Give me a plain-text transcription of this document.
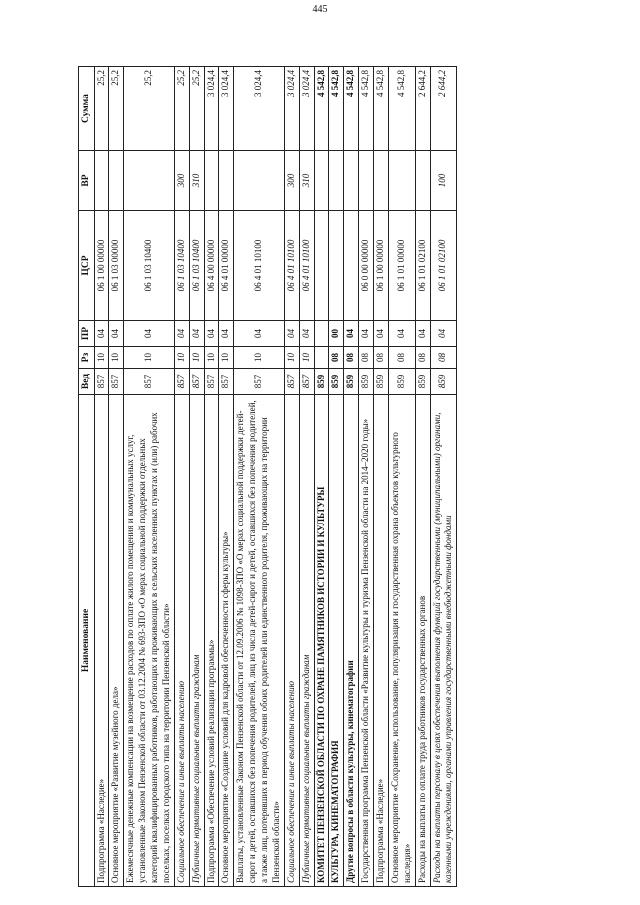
445
Наименование	Вед	Рз	ПР	ЦСР	ВР	Сумма
Подпрограмма «Наследие»	857	10	04	06 1 00 00000		25,2
Основное мероприятие «Развитие музейного дела»	857	10	04	06 1 03 00000		25,2
Ежемесячные денежные компенсации на возмещение расходов по оплате жилого помещения и коммунальных услуг, установленные Законом Пензенской области от 03.12.2004 № 693-ЗПО «О мерах социальной поддержки отдельных категорий квалифицированных работников, работающих и проживающих в сельских населенных пунктах и (или) рабочих поселках, поселках городского типа на территории Пензенской области»	857	10	04	06 1 03 10400		25,2
Социальное обеспечение и иные выплаты населению	857	10	04	06 1 03 10400	300	25,2
Публичные нормативные социальные выплаты гражданам	857	10	04	06 1 03 10400	310	25,2
Подпрограмма «Обеспечение условий реализации программы»	857	10	04	06 4 00 00000		3 024,4
Основное мероприятие «Создание условий для кадровой обеспеченности сферы культуры»	857	10	04	06 4 01 00000		3 024,4
Выплаты, установленные Законом Пензенской области от 12.09.2006 № 1098-ЗПО «О мерах социальной поддержки детей-сирот и детей, оставшихся без попечения родителей, лиц из числа детей-сирот и детей, оставшихся без попечения родителей, а также лиц, потерявших в период обучения обоих родителей или единственного родителя, проживающих на территории Пензенской области»	857	10	04	06 4 01 10100		3 024,4
Социальное обеспечение и иные выплаты населению	857	10	04	06 4 01 10100	300	3 024,4
Публичные нормативные социальные выплаты гражданам	857	10	04	06 4 01 10100	310	3 024,4
КОМИТЕТ ПЕНЗЕНСКОЙ ОБЛАСТИ ПО ОХРАНЕ ПАМЯТНИКОВ ИСТОРИИ И КУЛЬТУРЫ	859					4 542,8
КУЛЬТУРА, КИНЕМАТОГРАФИЯ	859	08	00			4 542,8
Другие вопросы в области культуры, кинематографии	859	08	04			4 542,8
Государственная программа Пензенской области «Развитие культуры и туризма Пензенской области на 2014–2020 годы»	859	08	04	06 0 00 00000		4 542,8
Подпрограмма «Наследие»	859	08	04	06 1 00 00000		4 542,8
Основное мероприятие «Сохранение, использование, популяризация и государственная охрана объектов культурного наследия»	859	08	04	06 1 01 00000		4 542,8
Расходы на выплаты по оплате труда работников государственных органов	859	08	04	06 1 01 02100		2 644,2
Расходы на выплаты персоналу в целях обеспечения выполнения функций государственными (муниципальными) органами, казенными учреждениями, органами управления государственными внебюджетными фондами	859	08	04	06 1 01 02100	100	2 644,2
